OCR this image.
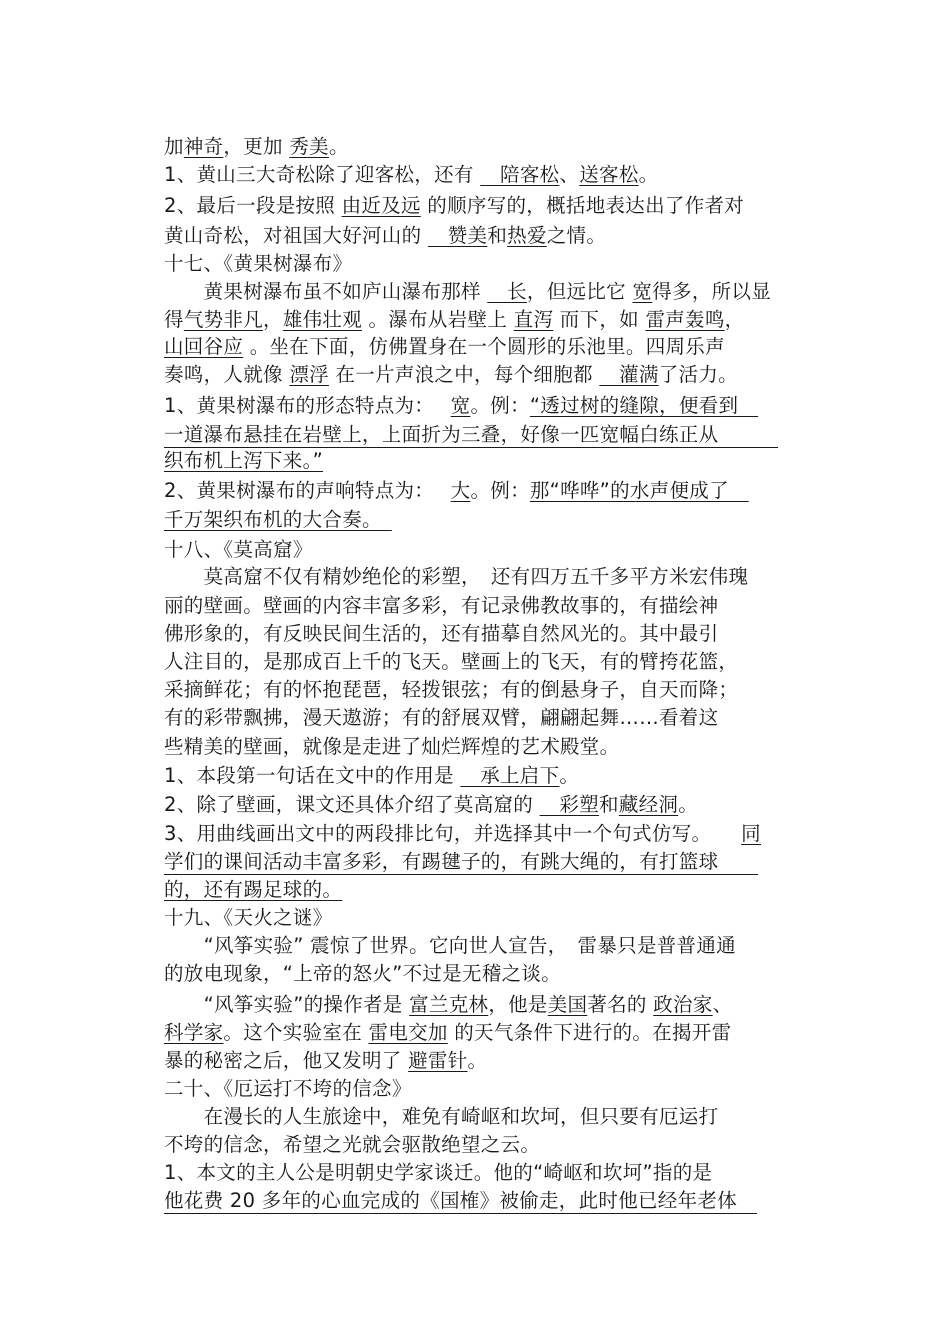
加神奇，更加 秀美。
1、黄山三大奇松除了迎客松，还有 　陪客松、送客松。
2、最后一段是按照 由近及远 的顺序写的，概括地表达出了作者对
黄山奇松，对祖国大好河山的 　赞美和热爱之情。
十七、《黄果树瀑布》
　　黄果树瀑布虽不如庐山瀑布那样 　长，但远比它 宽得多，所以显
得气势非凡，雄伟壮观 。瀑布从岩壁上 直泻 而下，如 雷声轰鸣，
山回谷应 。坐在下面，仿佛置身在一个圆形的乐池里。四周乐声
奏鸣，人就像 漂浮 在一片声浪之中，每个细胞都 　灌满了活力。
1、黄果树瀑布的形态特点为：　 宽。例：“透过树的缝隙，便看到　
一道瀑布悬挂在岩壁上，上面折为三叠，好像一匹宽幅白练正从　　　
织布机上泻下来。”
2、黄果树瀑布的声响特点为：　 大。例：那“哗哗”的水声便成了　
千万架织布机的大合奏。　
十八、《莫高窟》
　　莫高窟不仅有精妙绝伦的彩塑，　还有四万五千多平方米宏伟瑰
丽的壁画。壁画的内容丰富多彩，有记录佛教故事的，有描绘神
佛形象的，有反映民间生活的，还有描摹自然风光的。其中最引
人注目的，是那成百上千的飞天。壁画上的飞天，有的臂挎花篮，
采摘鲜花；有的怀抱琵琶，轻拨银弦；有的倒悬身子，自天而降；
有的彩带飘拂，漫天遨游；有的舒展双臂，翩翩起舞……看着这
些精美的壁画，就像是走进了灿烂辉煌的艺术殿堂。
1、本段第一句话在文中的作用是 　承上启下。
2、除了壁画，课文还具体介绍了莫高窟的 　彩塑和藏经洞。
3、用曲线画出文中的两段排比句，并选择其中一个句式仿写。　　同
学们的课间活动丰富多彩，有踢毽子的，有跳大绳的，有打篮球　　
的，还有踢足球的。
十九、《天火之谜》
　　“风筝实验” 震惊了世界。它向世人宣告，　雷暴只是普普通通
的放电现象，“上帝的怒火”不过是无稽之谈。
　　“风筝实验”的操作者是 富兰克林，他是美国著名的 政治家、
科学家。这个实验室在 雷电交加 的天气条件下进行的。在揭开雷
暴的秘密之后，他又发明了 避雷针。
二十、《厄运打不垮的信念》
　　在漫长的人生旅途中，难免有崎岖和坎坷，但只要有厄运打
不垮的信念，希望之光就会驱散绝望之云。
1、本文的主人公是明朝史学家谈迁。他的“崎岖和坎坷”指的是
他花费 20 多年的心血完成的《国榷》被偷走，此时他已经年老体　
